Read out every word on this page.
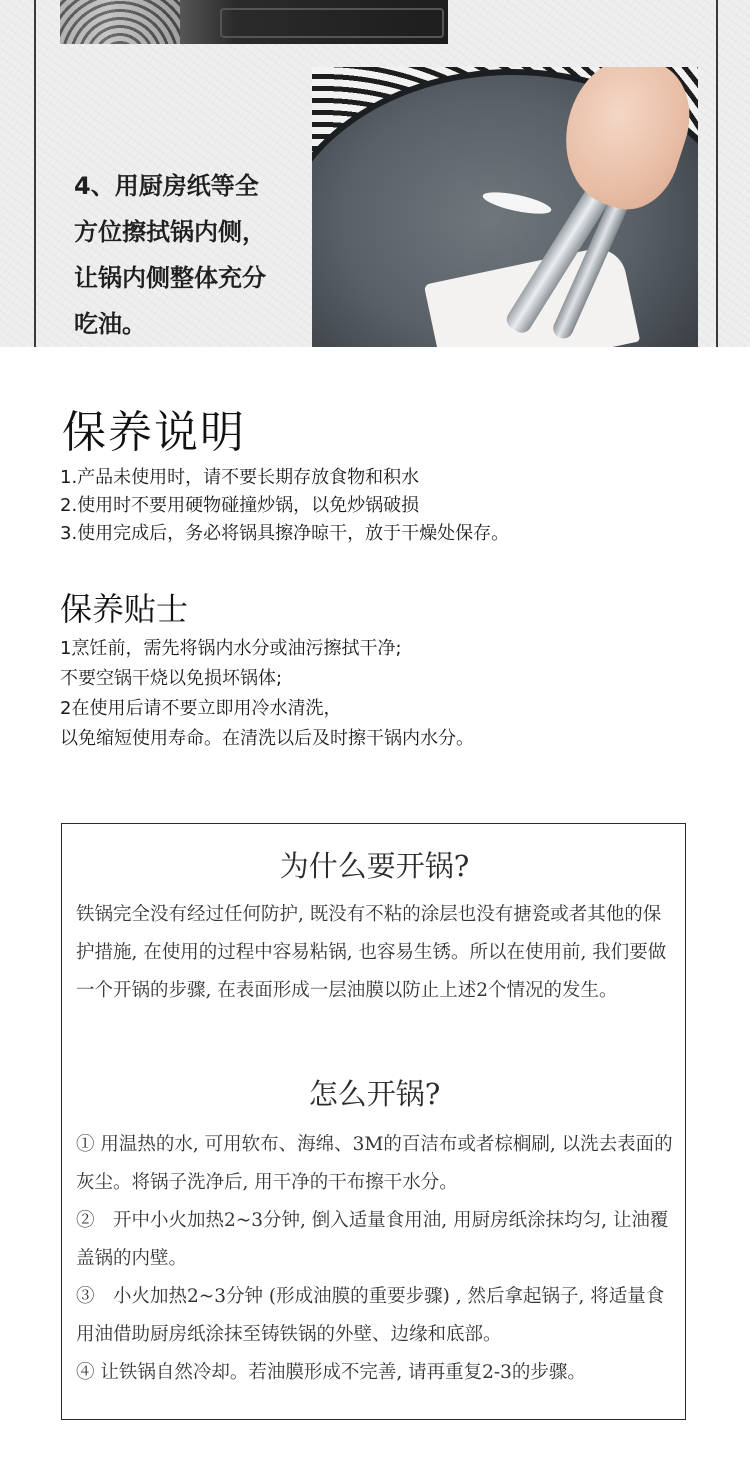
4、用厨房纸等全
方位擦拭锅内侧，
让锅内侧整体充分
吃油。

保养说明
1.产品未使用时，请不要长期存放食物和积水
2.使用时不要用硬物碰撞炒锅，以免炒锅破损
3.使用完成后，务必将锅具擦净晾干，放于干燥处保存。
保养贴士
1烹饪前，需先将锅内水分或油污擦拭干净;
不要空锅干烧以免损坏锅体;
2在使用后请不要立即用冷水清洗，
以免缩短使用寿命。在清洗以后及时擦干锅内水分。
为什么要开锅?

铁锅完全没有经过任何防护, 既没有不粘的涂层也没有搪瓷或者其他的保护措施, 在使用的过程中容易粘锅, 也容易生锈。所以在使用前, 我们要做一个开锅的步骤, 在表面形成一层油膜以防止上述2个情况的发生。

怎么开锅?
① 用温热的水, 可用软布、海绵、3M的百洁布或者棕榈刷, 以洗去表面的灰尘。将锅子洗净后, 用干净的干布擦干水分。
②　开中小火加热2~3分钟, 倒入适量食用油, 用厨房纸涂抹均匀, 让油覆盖锅的内壁。
③　小火加热2~3分钟 (形成油膜的重要步骤) , 然后拿起锅子, 将适量食用油借助厨房纸涂抹至铸铁锅的外壁、边缘和底部。
④ 让铁锅自然冷却。若油膜形成不完善, 请再重复2-3的步骤。
